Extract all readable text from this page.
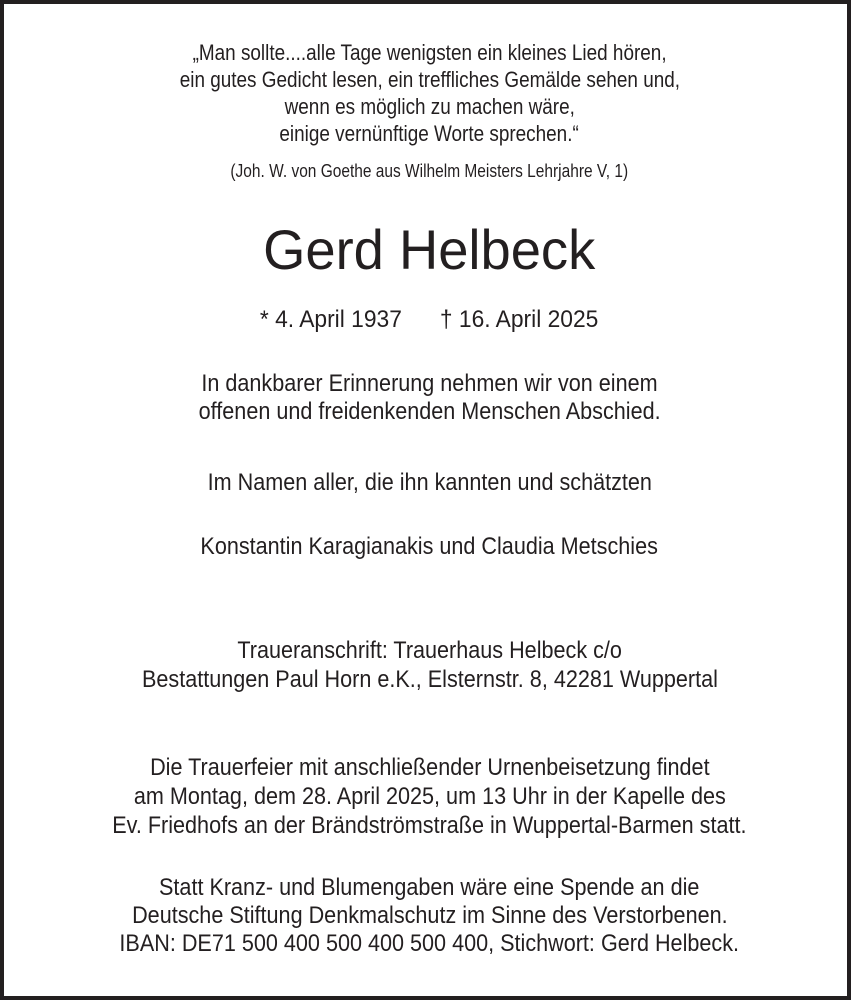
„Man sollte....alle Tage wenigsten ein kleines Lied hören,
ein gutes Gedicht lesen, ein treffliches Gemälde sehen und,
wenn es möglich zu machen wäre,
einige vernünftige Worte sprechen.“
(Joh. W. von Goethe aus Wilhelm Meisters Lehrjahre V, 1)
Gerd Helbeck
* 4. April 1937 † 16. April 2025
In dankbarer Erinnerung nehmen wir von einem
offenen und freidenkenden Menschen Abschied.
Im Namen aller, die ihn kannten und schätzten
Konstantin Karagianakis und Claudia Metschies
Traueranschrift: Trauerhaus Helbeck c/o
Bestattungen Paul Horn e.K., Elsternstr. 8, 42281 Wuppertal
Die Trauerfeier mit anschließender Urnenbeisetzung findet
am Montag, dem 28. April 2025, um 13 Uhr in der Kapelle des
Ev. Friedhofs an der Brändströmstraße in Wuppertal-Barmen statt.
Statt Kranz- und Blumengaben wäre eine Spende an die
Deutsche Stiftung Denkmalschutz im Sinne des Verstorbenen.
IBAN: DE71 500 400 500 400 500 400, Stichwort: Gerd Helbeck.
